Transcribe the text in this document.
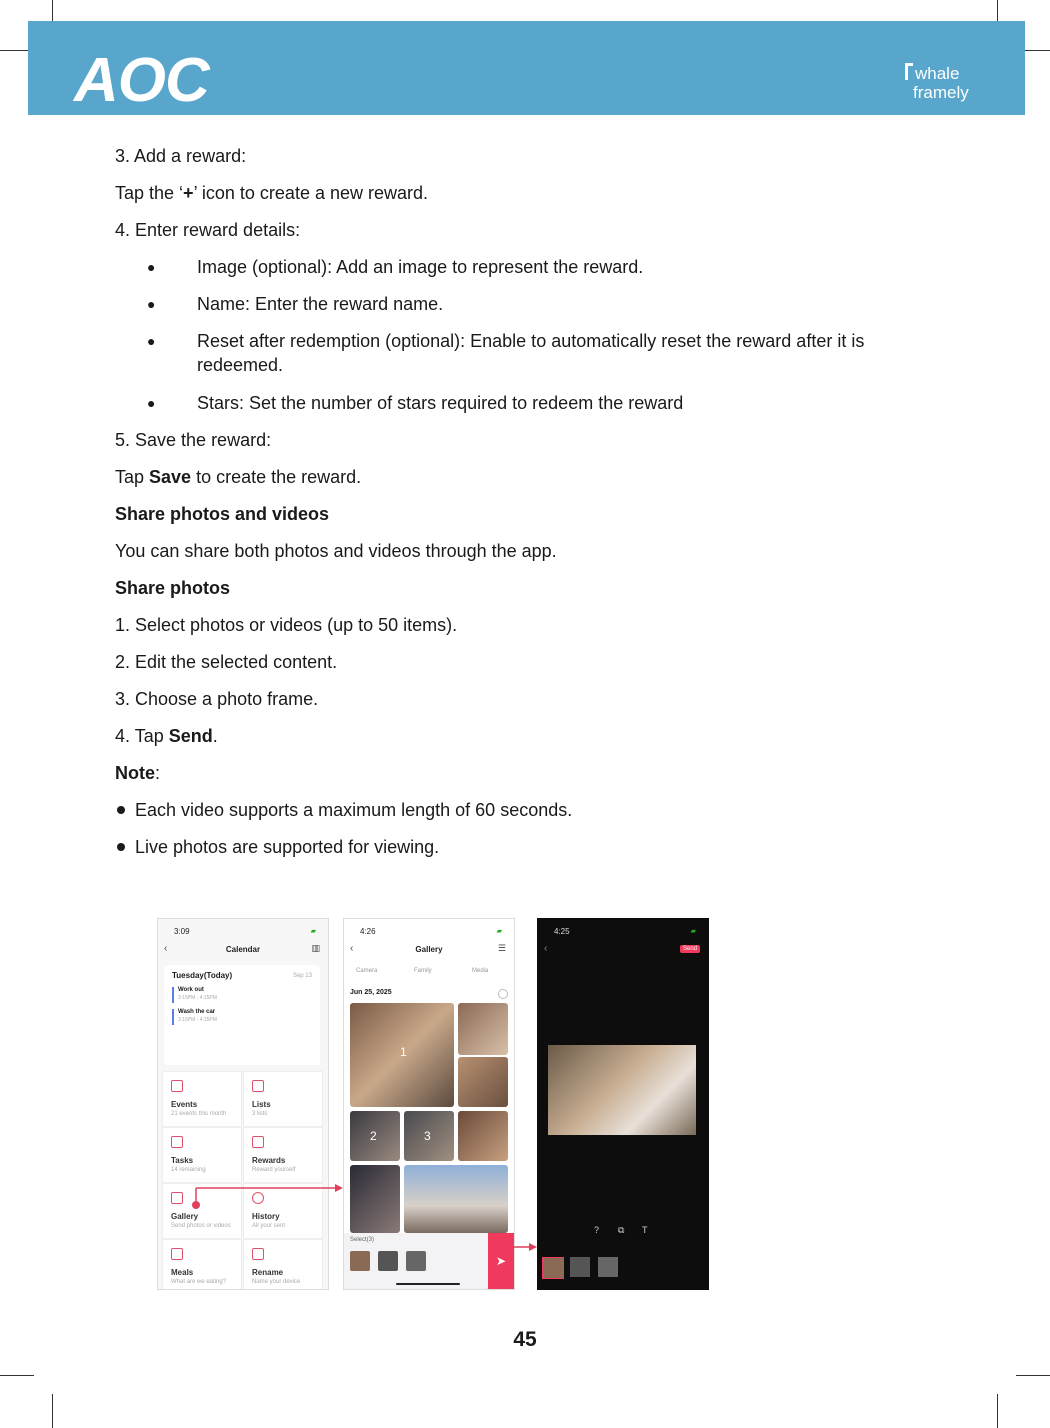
AOC	whale
framely
3. Add a reward:
Tap the ‘+’ icon to create a new reward.
4. Enter reward details:
● Image (optional): Add an image to represent the reward.
● Name: Enter the reward name.
● Reset after redemption (optional): Enable to automatically reset the reward after it is redeemed.
● Stars: Set the number of stars required to redeem the reward
5. Save the reward:
Tap Save to create the reward.
Share photos and videos
You can share both photos and videos through the app.
Share photos
1. Select photos or videos (up to 50 items).
2. Edit the selected content.
3. Choose a photo frame.
4. Tap Send.
Note:
Each video supports a maximum length of 60 seconds.
Live photos are supported for viewing.
3:09	▰
‹	Calendar	▥
Tuesday(Today)	Sep 13
Work out
3:15PM - 4:15PM
Wash the car
3:15PM - 4:15PM
Events
21 events this month
Lists
3 lists
Tasks
14 remaining
Rewards
Reward yourself
Gallery
Send photos or videos
History
All your sent
Meals
What are we eating?
Rename
Name your device
4:26	▰
‹	Gallery	☰
Camera	Family	Media
Jun 25, 2025
1
2	3
Select(3)
➤
4:25	▰
‹	Send
? ⧉ T
45
